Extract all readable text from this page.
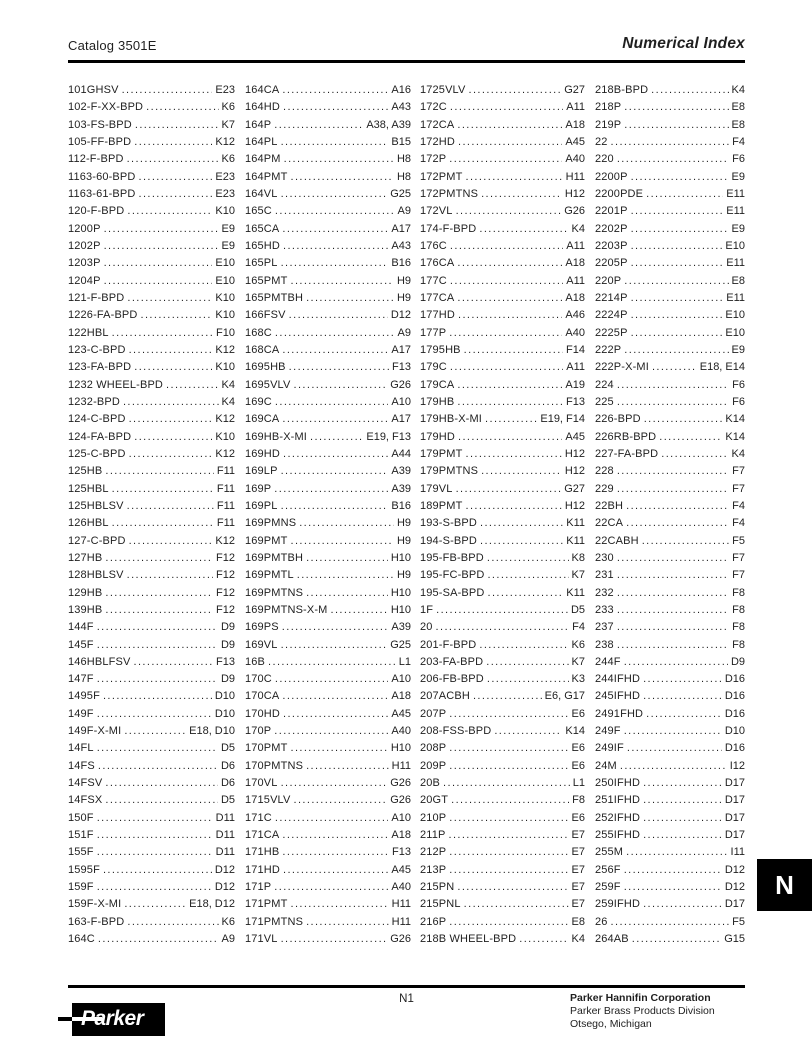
Catalog 3501E	Numerical Index
101GHSV .....	E23
102-F-XX-BPD .....	K6
103-FS-BPD .....	K7
105-FF-BPD .....	K12
112-F-BPD .....	K6
1163-60-BPD .....	E23
1163-61-BPD .....	E23
120-F-BPD .....	K10
1200P .....	E9
1202P .....	E9
1203P .....	E10
1204P .....	E10
121-F-BPD .....	K10
1226-FA-BPD .....	K10
122HBL .....	F10
123-C-BPD .....	K12
123-FA-BPD .....	K10
1232 WHEEL-BPD .....	K4
1232-BPD .....	K4
124-C-BPD .....	K12
124-FA-BPD .....	K10
125-C-BPD .....	K12
125HB .....	F11
125HBL .....	F11
125HBLSV .....	F11
126HBL .....	F11
127-C-BPD .....	K12
127HB .....	F12
128HBLSV .....	F12
129HB .....	F12
139HB .....	F12
144F .....	D9
145F .....	D9
146HBLFSV .....	F13
147F .....	D9
1495F .....	D10
149F .....	D10
149F-X-MI .....	E18, D10
14FL .....	D5
14FS .....	D6
14FSV .....	D6
14FSX .....	D5
150F .....	D11
151F .....	D11
155F .....	D11
1595F .....	D12
159F .....	D12
159F-X-MI .....	E18, D12
163-F-BPD .....	K6
164C .....	A9
164CA .....	A16
164HD .....	A43
164P .....	A38, A39
164PL .....	B15
164PM .....	H8
164PMT .....	H8
164VL .....	G25
165C .....	A9
165CA .....	A17
165HD .....	A43
165PL .....	B16
165PMT .....	H9
165PMTBH .....	H9
166FSV .....	D12
168C .....	A9
168CA .....	A17
1695HB .....	F13
1695VLV .....	G26
169C .....	A10
169CA .....	A17
169HB-X-MI .....	E19, F13
169HD .....	A44
169LP .....	A39
169P .....	A39
169PL .....	B16
169PMNS .....	H9
169PMT .....	H9
169PMTBH .....	H10
169PMTL .....	H9
169PMTNS .....	H10
169PMTNS-X-M .....	H10
169PS .....	A39
169VL .....	G25
16B .....	L1
170C .....	A10
170CA .....	A18
170HD .....	A45
170P .....	A40
170PMT .....	H10
170PMTNS .....	H11
170VL .....	G26
1715VLV .....	G26
171C .....	A10
171CA .....	A18
171HB .....	F13
171HD .....	A45
171P .....	A40
171PMT .....	H11
171PMTNS .....	H11
171VL .....	G26
1725VLV .....	G27
172C .....	A11
172CA .....	A18
172HD .....	A45
172P .....	A40
172PMT .....	H11
172PMTNS .....	H12
172VL .....	G26
174-F-BPD .....	K4
176C .....	A11
176CA .....	A18
177C .....	A11
177CA .....	A18
177HD .....	A46
177P .....	A40
1795HB .....	F14
179C .....	A11
179CA .....	A19
179HB .....	F13
179HB-X-MI .....	E19, F14
179HD .....	A45
179PMT .....	H12
179PMTNS .....	H12
179VL .....	G27
189PMT .....	H12
193-S-BPD .....	K11
194-S-BPD .....	K11
195-FB-BPD .....	K8
195-FC-BPD .....	K7
195-SA-BPD .....	K11
1F .....	D5
20 .....	F4
201-F-BPD .....	K6
203-FA-BPD .....	K7
206-FB-BPD .....	K3
207ACBH .....	E6, G17
207P .....	E6
208-FSS-BPD .....	K14
208P .....	E6
209P .....	E6
20B .....	L1
20GT .....	F8
210P .....	E6
211P .....	E7
212P .....	E7
213P .....	E7
215PN .....	E7
215PNL .....	E7
216P .....	E8
218B WHEEL-BPD .....	K4
218B-BPD .....	K4
218P .....	E8
219P .....	E8
22 .....	F4
220 .....	F6
2200P .....	E9
2200PDE .....	E11
2201P .....	E11
2202P .....	E9
2203P .....	E10
2205P .....	E11
220P .....	E8
2214P .....	E11
2224P .....	E10
2225P .....	E10
222P .....	E9
222P-X-MI .....	E18, E14
224 .....	F6
225 .....	F6
226-BPD .....	K14
226RB-BPD .....	K14
227-FA-BPD .....	K4
228 .....	F7
229 .....	F7
22BH .....	F4
22CA .....	F4
22CABH .....	F5
230 .....	F7
231 .....	F7
232 .....	F8
233 .....	F8
237 .....	F8
238 .....	F8
244F .....	D9
244IFHD .....	D16
245IFHD .....	D16
2491FHD .....	D16
249F .....	D10
249IF .....	D16
24M .....	I12
250IFHD .....	D17
251IFHD .....	D17
252IFHD .....	D17
255IFHD .....	D17
255M .....	I11
256F .....	D12
259F .....	D12
259IFHD .....	D17
26 .....	F5
264AB .....	G15
N
N1
Parker
Parker Hannifin Corporation
Parker Brass Products Division
Otsego, Michigan
